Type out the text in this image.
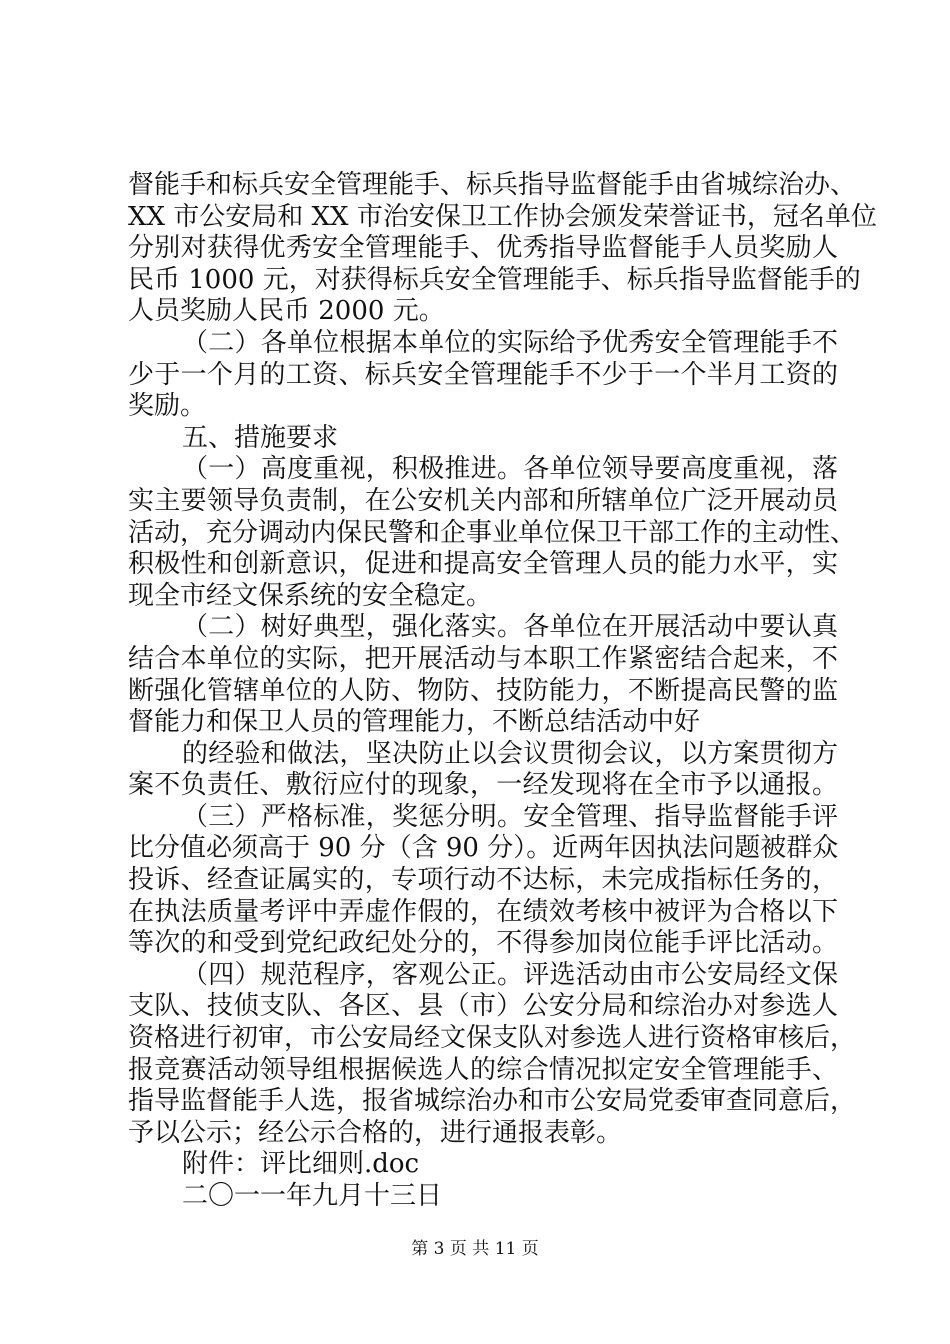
督能手和标兵安全管理能手、标兵指导监督能手由省城综治办、
XX 市公安局和 XX 市治安保卫工作协会颁发荣誉证书，冠名单位
分别对获得优秀安全管理能手、优秀指导监督能手人员奖励人
民币 1000 元，对获得标兵安全管理能手、标兵指导监督能手的
人员奖励人民币 2000 元。
（二）各单位根据本单位的实际给予优秀安全管理能手不
少于一个月的工资、标兵安全管理能手不少于一个半月工资的
奖励。
五、措施要求
（一）高度重视，积极推进。各单位领导要高度重视，落
实主要领导负责制，在公安机关内部和所辖单位广泛开展动员
活动，充分调动内保民警和企事业单位保卫干部工作的主动性、
积极性和创新意识，促进和提高安全管理人员的能力水平，实
现全市经文保系统的安全稳定。
（二）树好典型，强化落实。各单位在开展活动中要认真
结合本单位的实际，把开展活动与本职工作紧密结合起来，不
断强化管辖单位的人防、物防、技防能力，不断提高民警的监
督能力和保卫人员的管理能力，不断总结活动中好
的经验和做法，坚决防止以会议贯彻会议，以方案贯彻方
案不负责任、敷衍应付的现象，一经发现将在全市予以通报。
（三）严格标准，奖惩分明。安全管理、指导监督能手评
比分值必须高于 90 分（含 90 分）。近两年因执法问题被群众
投诉、经查证属实的，专项行动不达标，未完成指标任务的，
在执法质量考评中弄虚作假的，在绩效考核中被评为合格以下
等次的和受到党纪政纪处分的，不得参加岗位能手评比活动。
（四）规范程序，客观公正。评选活动由市公安局经文保
支队、技侦支队、各区、县（市）公安分局和综治办对参选人
资格进行初审，市公安局经文保支队对参选人进行资格审核后，
报竞赛活动领导组根据候选人的综合情况拟定安全管理能手、
指导监督能手人选，报省城综治办和市公安局党委审查同意后，
予以公示；经公示合格的，进行通报表彰。
附件：评比细则.doc
二〇一一年九月十三日
第 3 页 共 11 页
